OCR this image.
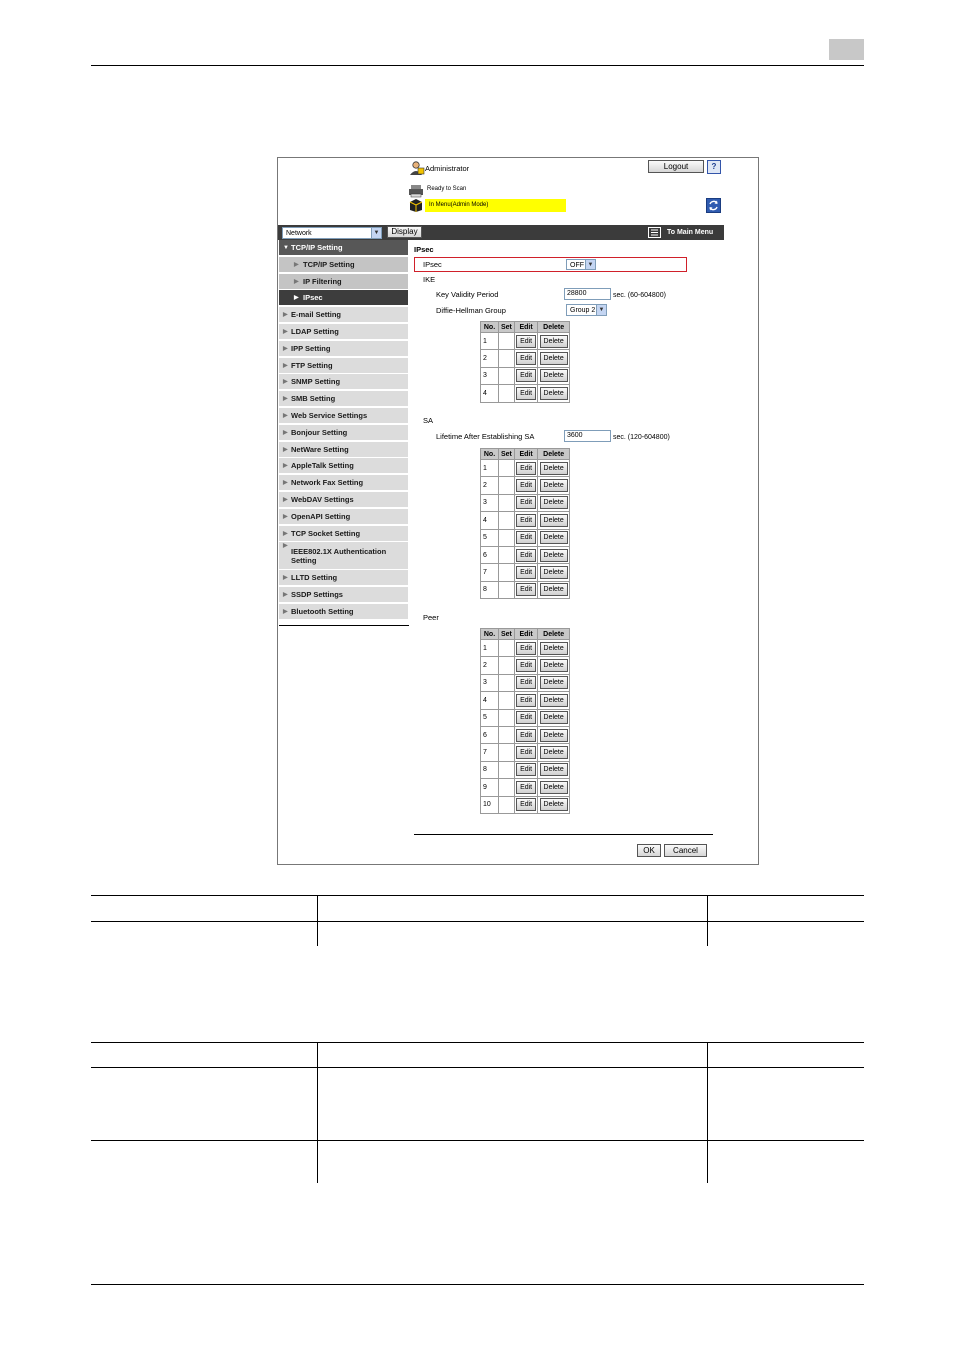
Administrator	Logout	?
Ready to Scan
In Menu(Admin Mode)
Network	▼	Display	To Main Menu
▼ TCP/IP Setting
▶ TCP/IP Setting
▶ IP Filtering
▶ IPsec
▶ E-mail Setting
▶ LDAP Setting
▶ IPP Setting
▶ FTP Setting
▶ SNMP Setting
▶ SMB Setting
▶ Web Service Settings
▶ Bonjour Setting
▶ NetWare Setting
▶ AppleTalk Setting
▶ Network Fax Setting
▶ WebDAV Settings
▶ OpenAPI Setting
▶ TCP Socket Setting
▶
IEEE802.1X Authentication Setting
▶ LLTD Setting
▶ SSDP Settings
▶ Bluetooth Setting
IPsec
IPsec	OFF ▼
IKE
Key Validity Period	28800	sec. (60-604800)
Diffie-Hellman Group	Group 2 ▼
No.	Set	Edit	Delete
1		Edit	Delete
2		Edit	Delete
3		Edit	Delete
4		Edit	Delete
SA
Lifetime After Establishing SA	3600	sec. (120-604800)
No.	Set	Edit	Delete
1		Edit	Delete
2		Edit	Delete
3		Edit	Delete
4		Edit	Delete
5		Edit	Delete
6		Edit	Delete
7		Edit	Delete
8		Edit	Delete
Peer
No.	Set	Edit	Delete
1		Edit	Delete
2		Edit	Delete
3		Edit	Delete
4		Edit	Delete
5		Edit	Delete
6		Edit	Delete
7		Edit	Delete
8		Edit	Delete
9		Edit	Delete
10		Edit	Delete
OK	Cancel
